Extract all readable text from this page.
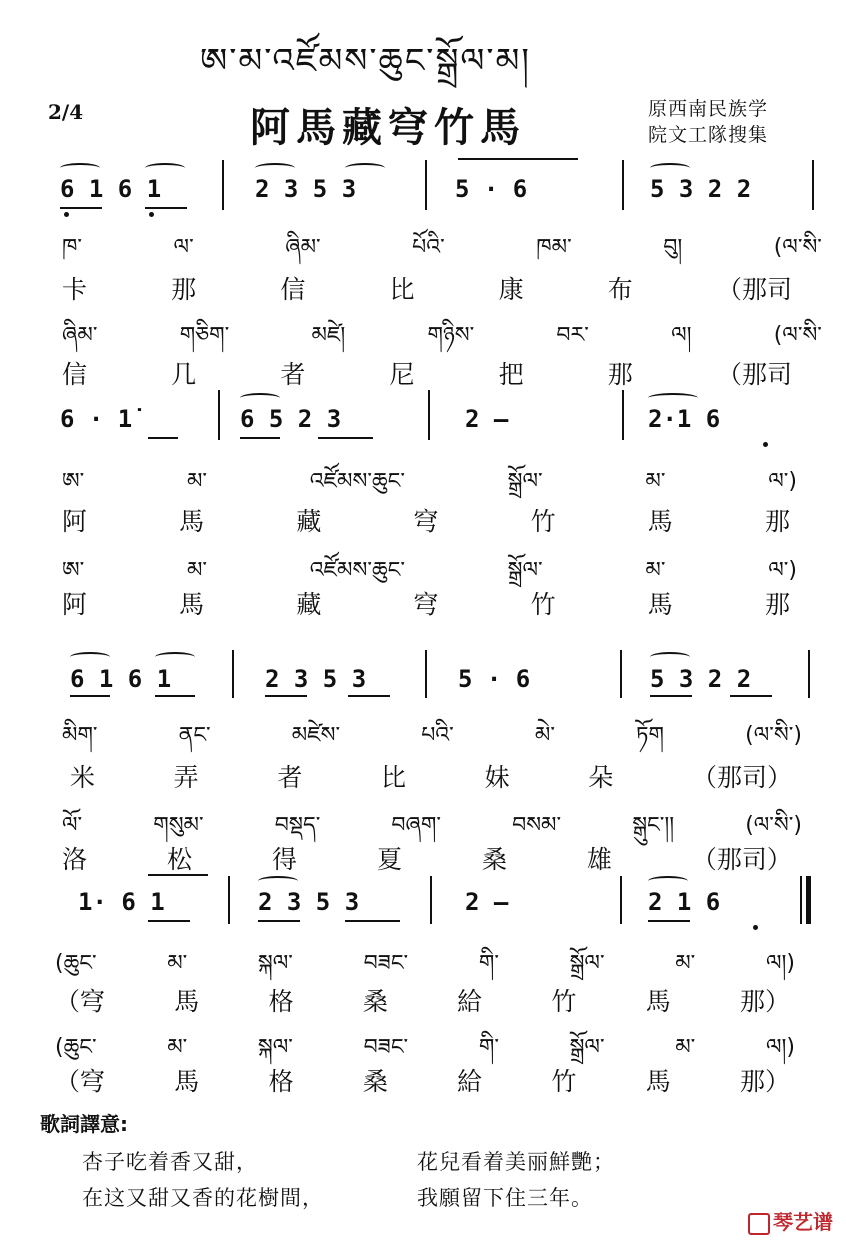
ཨ་མ་འཛོམས་ཆུང་སྒྲོལ་མ།
2/4	阿馬藏穹竹馬	原西南民族学
院文工隊搜集
6 1 6 1	2 3 5 3	5 · 6	5 3 2 2
ཁ་	ལ་	ཞིམ་	པོའི་	ཁམ་	བུ།	(ལ་སི་
卡	那	信	比	康	布	（那司
ཞིམ་	གཅིག་	མཛེ།	གཉིས་	བར་	ལ།	(ལ་སི་
信	几	者	尼	把	那	（那司
6 · 1̇	6 5 2 3	2 —	2·1 6
ཨ་	མ་	འཛོམས་ཆུང་	སྒྲོལ་	མ་	ལ་)
阿	馬	藏	穹	竹	馬	那
ཨ་	མ་	འཛོམས་ཆུང་	སྒྲོལ་	མ་	ལ་)
阿	馬	藏	穹	竹	馬	那
6 1 6 1	2 3 5 3	5 · 6	5 3 2 2
མིག་	ནང་	མཛེས་	པའི་	མེ་	ཏོག	(ལ་སི་)
米	弄	者	比	妹	朵	（那司）
ལོ་	གསུམ་	བསྡད་	བཞག་	བསམ་	སྒུང་།།	(ལ་སི་)
洛	松	得	夏	桑	雄	（那司）
1· 6 1	2 3 5 3	2 —	2 1 6
(ཆུང་	མ་	སྐལ་	བཟང་	གི་	སྒྲོལ་	མ་	ལ།)
（穹	馬	格	桑	給	竹	馬	那）
(ཆུང་	མ་	སྐལ་	བཟང་	གི་	སྒྲོལ་	མ་	ལ།)
（穹	馬	格	桑	給	竹	馬	那）
歌詞譯意:
杏子吃着香又甜，	花兒看着美丽鮮艷；
在这又甜又香的花樹間，	我願留下住三年。
琴艺谱
